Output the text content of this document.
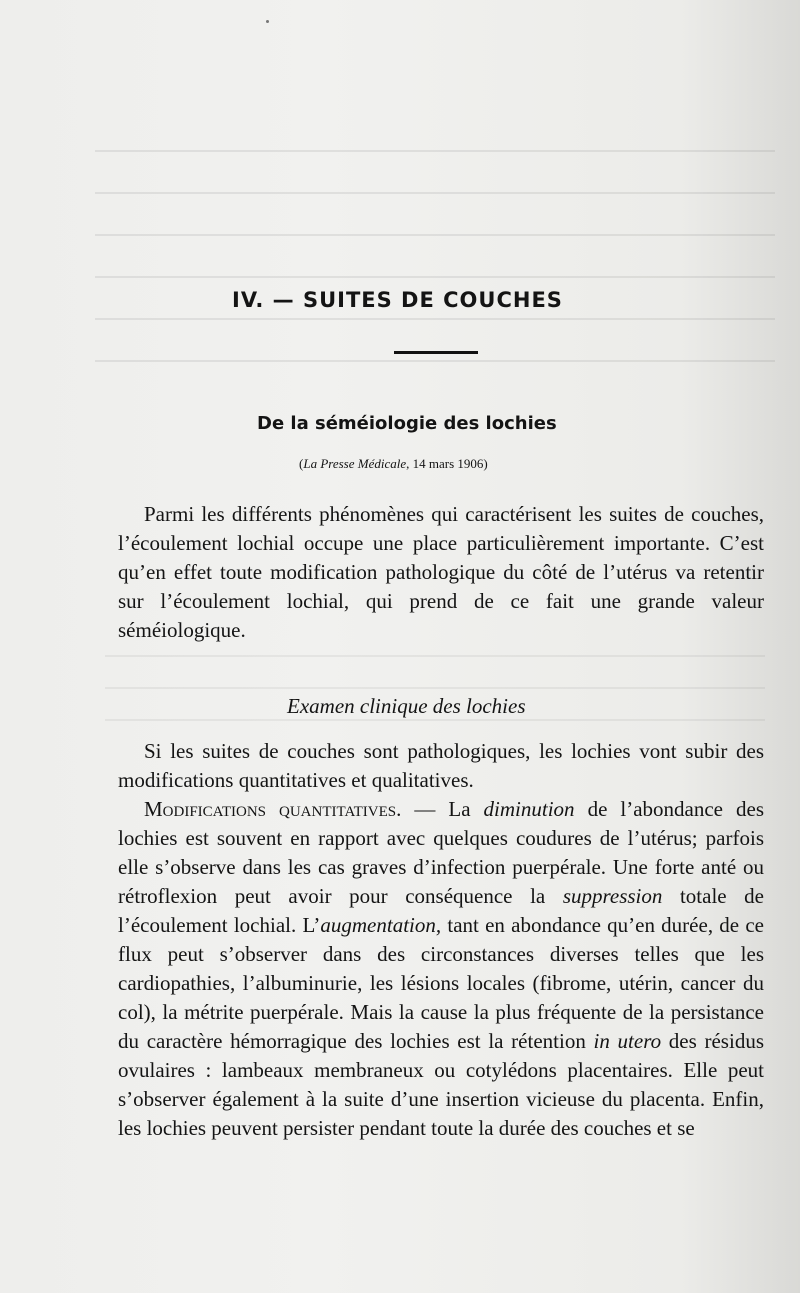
IV. — SUITES DE COUCHES
De la séméiologie des lochies
(La Presse Médicale, 14 mars 1906)
Parmi les différents phénomènes qui caractérisent les suites de couches, l’écoulement lochial occupe une place particulièrement importante. C’est qu’en effet toute modification pathologique du côté de l’utérus va retentir sur l’écoulement lochial, qui prend de ce fait une grande valeur séméiologique.
Examen clinique des lochies
Si les suites de couches sont pathologiques, les lochies vont subir des modifications quantitatives et qualitatives.
Modifications quantitatives. — La diminution de l’abondance des lochies est souvent en rapport avec quelques coudures de l’utérus; parfois elle s’observe dans les cas graves d’infection puerpérale. Une forte anté ou rétroflexion peut avoir pour conséquence la suppression totale de l’écoulement lochial. L’augmentation, tant en abondance qu’en durée, de ce flux peut s’observer dans des circonstances diverses telles que les cardiopathies, l’albuminurie, les lésions locales (fibrome, utérin, cancer du col), la métrite puerpérale. Mais la cause la plus fréquente de la persistance du caractère hémorragique des lochies est la rétention in utero des résidus ovulaires : lambeaux membraneux ou cotylédons placentaires. Elle peut s’observer également à la suite d’une insertion vicieuse du placenta. Enfin, les lochies peuvent persister pendant toute la durée des couches et se
